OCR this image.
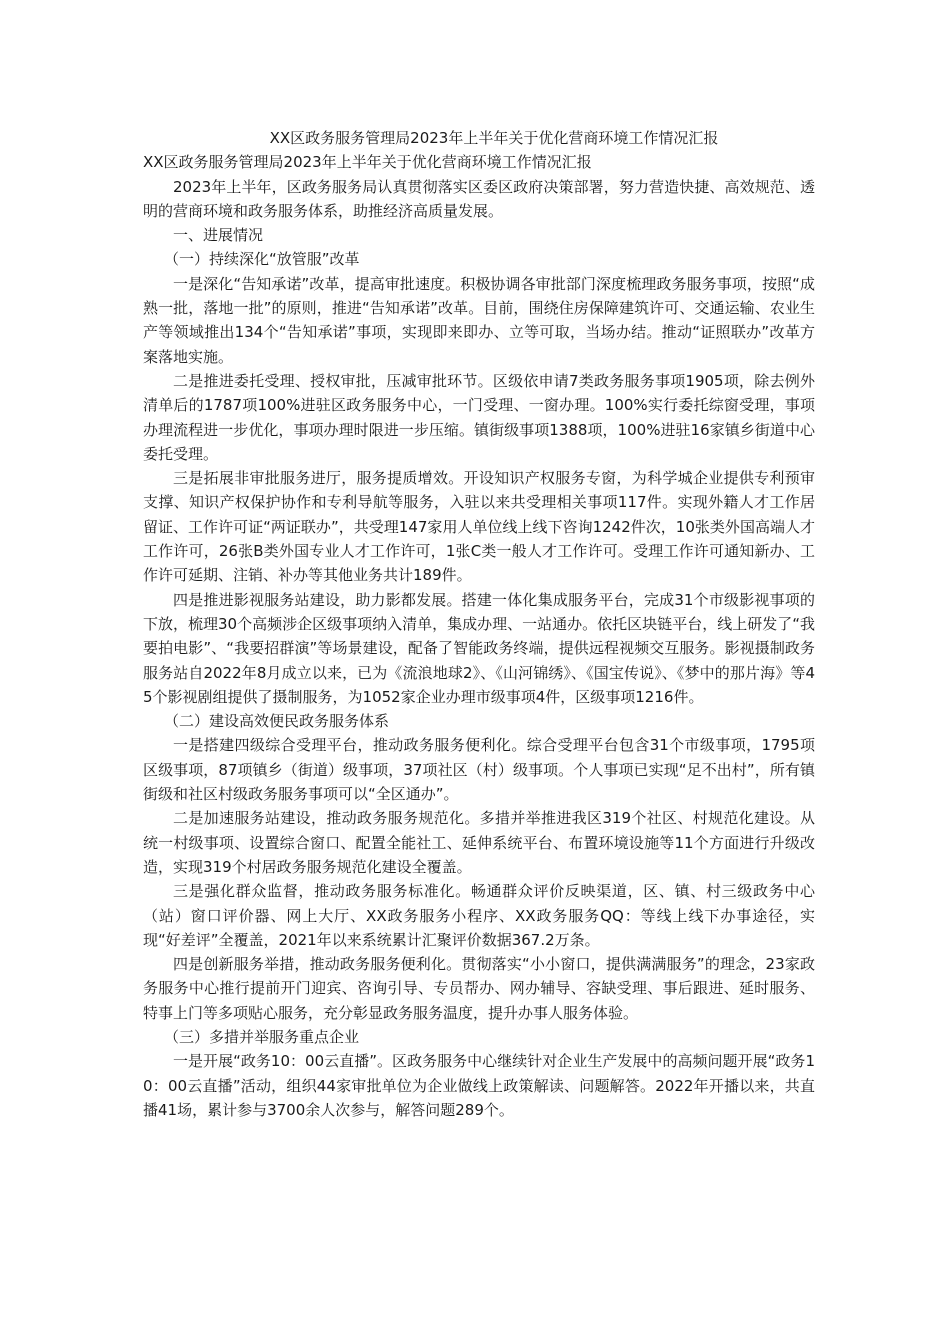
XX区政务服务管理局2023年上半年关于优化营商环境工作情况汇报

XX区政务服务管理局2023年上半年关于优化营商环境工作情况汇报

2023年上半年，区政务服务局认真贯彻落实区委区政府决策部署，努力营造快捷、高效规范、透明的营商环境和政务服务体系，助推经济高质量发展。

一、进展情况

（一）持续深化“放管服”改革

一是深化“告知承诺”改革，提高审批速度。积极协调各审批部门深度梳理政务服务事项，按照“成熟一批，落地一批”的原则，推进“告知承诺”改革。目前，围绕住房保障建筑许可、交通运输、农业生产等领域推出134个“告知承诺”事项，实现即来即办、立等可取，当场办结。推动“证照联办”改革方案落地实施。

二是推进委托受理、授权审批，压减审批环节。区级依申请7类政务服务事项1905项，除去例外清单后的1787项100%进驻区政务服务中心，一门受理、一窗办理。100%实行委托综窗受理，事项办理流程进一步优化，事项办理时限进一步压缩。镇街级事项1388项，100%进驻16家镇乡街道中心委托受理。

三是拓展非审批服务进厅，服务提质增效。开设知识产权服务专窗，为科学城企业提供专利预审支撑、知识产权保护协作和专利导航等服务，入驻以来共受理相关事项117件。实现外籍人才工作居留证、工作许可证“两证联办”，共受理147家用人单位线上线下咨询1242件次，10张类外国高端人才工作许可，26张B类外国专业人才工作许可，1张C类一般人才工作许可。受理工作许可通知新办、工作许可延期、注销、补办等其他业务共计189件。

四是推进影视服务站建设，助力影都发展。搭建一体化集成服务平台，完成31个市级影视事项的下放，梳理30个高频涉企区级事项纳入清单，集成办理、一站通办。依托区块链平台，线上研发了“我要拍电影”、“我要招群演”等场景建设，配备了智能政务终端，提供远程视频交互服务。影视摄制政务服务站自2022年8月成立以来，已为《流浪地球2》、《山河锦绣》、《国宝传说》、《梦中的那片海》等45个影视剧组提供了摄制服务，为1052家企业办理市级事项4件，区级事项1216件。

（二）建设高效便民政务服务体系

一是搭建四级综合受理平台，推动政务服务便利化。综合受理平台包含31个市级事项，1795项区级事项，87项镇乡（街道）级事项，37项社区（村）级事项。个人事项已实现“足不出村”，所有镇街级和社区村级政务服务事项可以“全区通办”。

二是加速服务站建设，推动政务服务规范化。多措并举推进我区319个社区、村规范化建设。从统一村级事项、设置综合窗口、配置全能社工、延伸系统平台、布置环境设施等11个方面进行升级改造，实现319个村居政务服务规范化建设全覆盖。

三是强化群众监督，推动政务服务标准化。畅通群众评价反映渠道，区、镇、村三级政务中心（站）窗口评价器、网上大厅、XX政务服务小程序、XX政务服务QQ：等线上线下办事途径，实现“好差评”全覆盖，2021年以来系统累计汇聚评价数据367.2万条。

四是创新服务举措，推动政务服务便利化。贯彻落实“小小窗口，提供满满服务”的理念，23家政务服务中心推行提前开门迎宾、咨询引导、专员帮办、网办辅导、容缺受理、事后跟进、延时服务、特事上门等多项贴心服务，充分彰显政务服务温度，提升办事人服务体验。

（三）多措并举服务重点企业

一是开展“政务10：00云直播”。区政务服务中心继续针对企业生产发展中的高频问题开展“政务10：00云直播”活动，组织44家审批单位为企业做线上政策解读、问题解答。2022年开播以来，共直播41场，累计参与3700余人次参与，解答问题289个。
